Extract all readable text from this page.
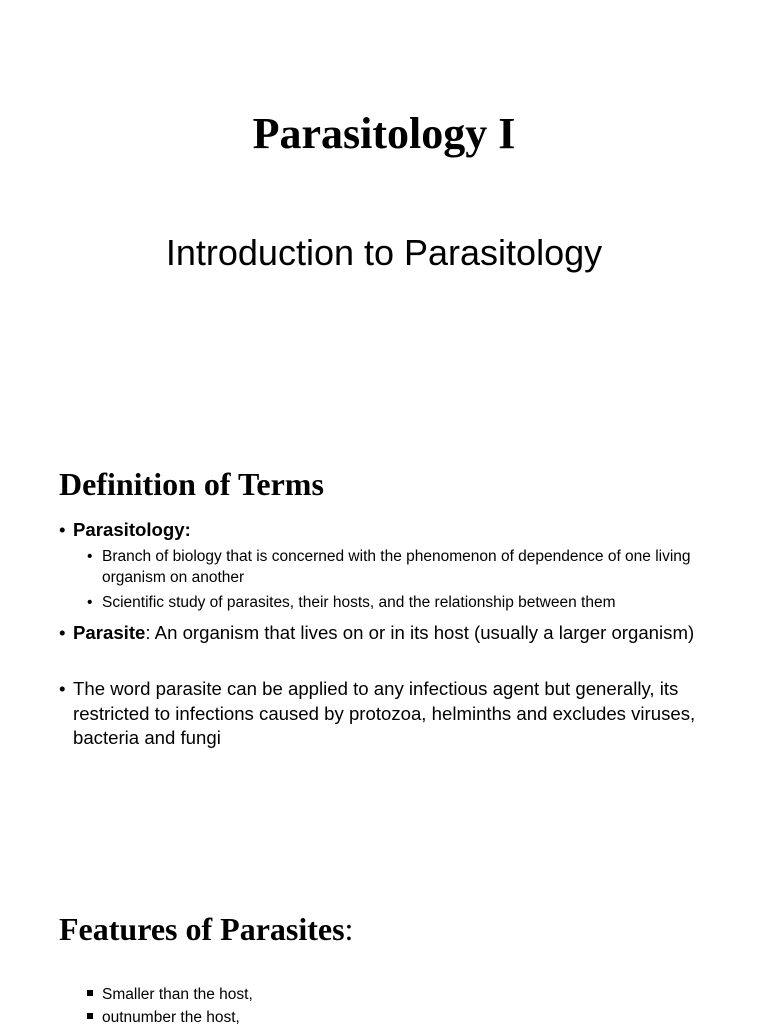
Parasitology I
Introduction to Parasitology
Definition of Terms
• Parasitology:
• Branch of biology that is concerned with the phenomenon of dependence of one living organism on another
• Scientific study of parasites, their hosts, and the relationship between them
• Parasite: An organism that lives on or in its host (usually a larger organism)
• The word parasite can be applied to any infectious agent but generally, its restricted to infections caused by protozoa, helminths and excludes viruses, bacteria and fungi
Features of Parasites:
Smaller than the host,
outnumber the host,
